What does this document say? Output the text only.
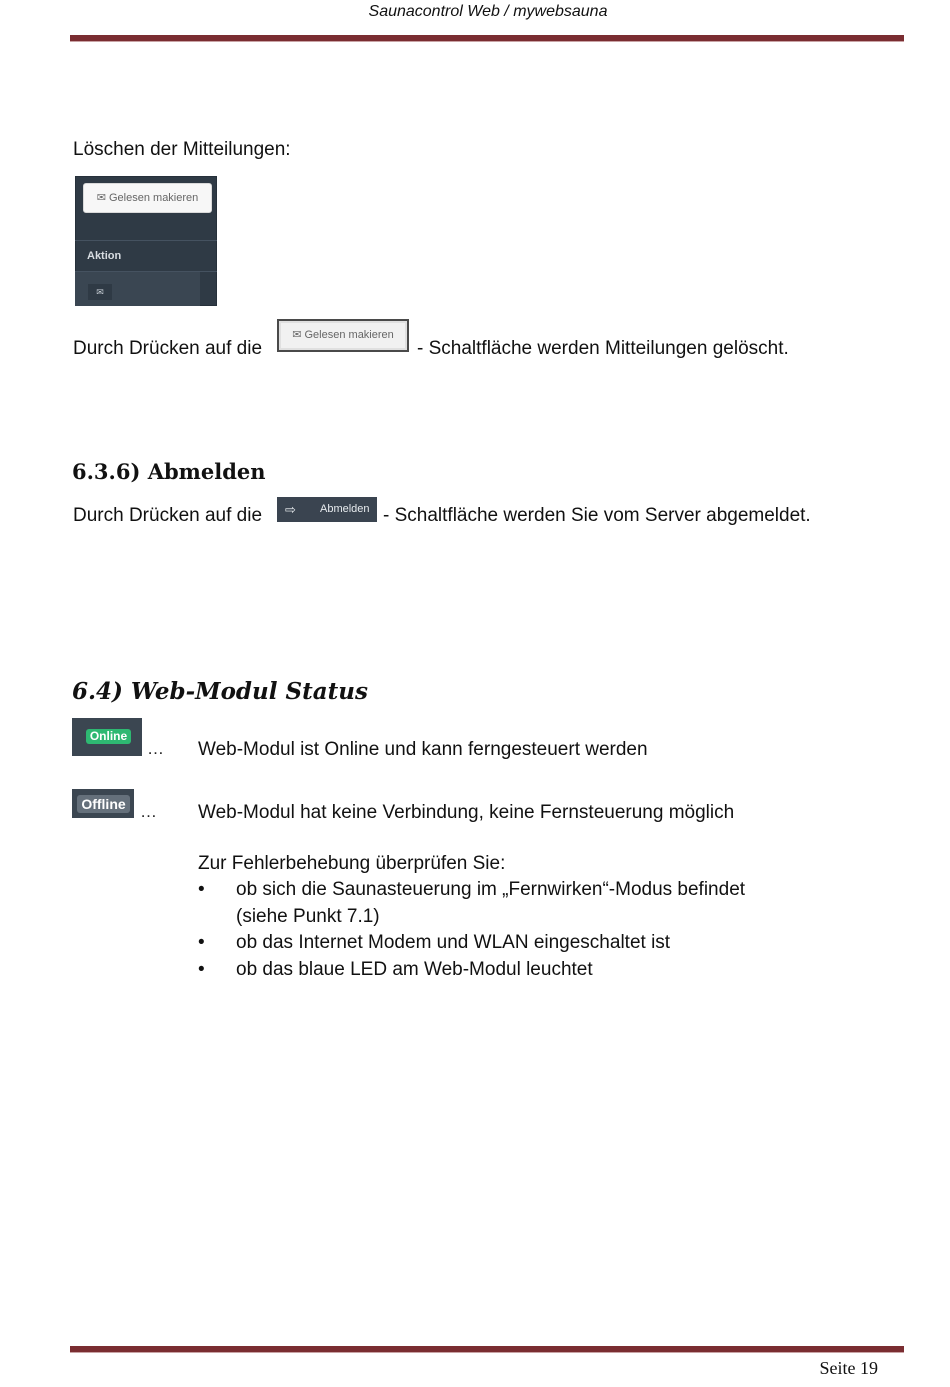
Saunacontrol Web / mywebsauna
Löschen der Mitteilungen:
✉ Gelesen makieren
Aktion
✉
Durch Drücken auf die
✉ Gelesen makieren
- Schaltfläche werden Mitteilungen gelöscht.
6.3.6) Abmelden
Durch Drücken auf die ⇨ Abmelden - Schaltfläche werden Sie vom Server abgemeldet.
6.4) Web-Modul Status
Online
… Web-Modul ist Online und kann ferngesteuert werden
Offline … Web-Modul hat keine Verbindung, keine Fernsteuerung möglich
Zur Fehlerbehebung überprüfen Sie:
• ob sich die Saunasteuerung im „Fernwirken“-Modus befindet
(siehe Punkt 7.1)
• ob das Internet Modem und WLAN eingeschaltet ist
• ob das blaue LED am Web-Modul leuchtet
Seite 19
